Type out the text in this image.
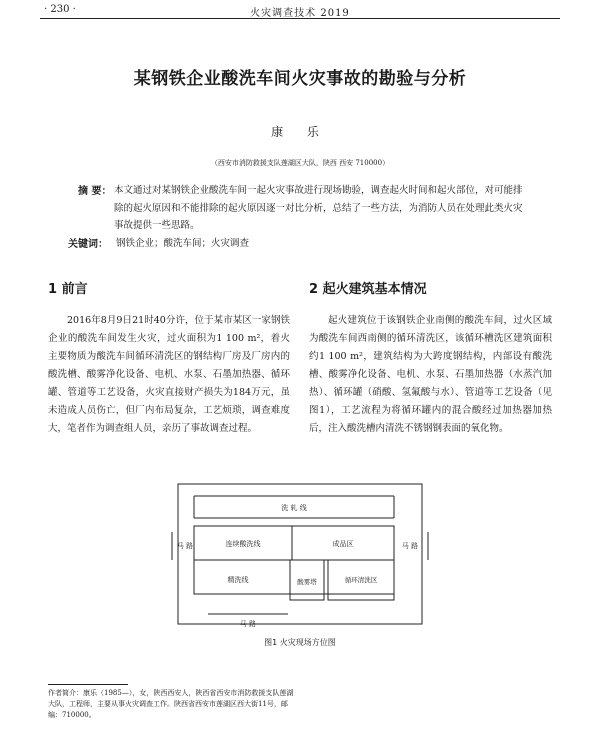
· 230 ·	火灾调查技术 2019
某钢铁企业酸洗车间火灾事故的勘验与分析
康 乐
（西安市消防救援支队莲湖区大队，陕西 西安 710000）
摘 要： 本文通过对某钢铁企业酸洗车间一起火灾事故进行现场勘验，调查起火时间和起火部位，对可能排除的起火原因和不能排除的起火原因逐一对比分析，总结了一些方法，为消防人员在处理此类火灾事故提供一些思路。
关键词： 钢铁企业；酸洗车间；火灾调查
1 前言	2 起火建筑基本情况
2016年8月9日21时40分许，位于某市某区一家钢铁企业的酸洗车间发生火灾，过火面积为1 100 m²，着火主要物质为酸洗车间循环清洗区的钢结构厂房及厂房内的酸洗槽、酸雾净化设备、电机、水泵、石墨加热器、循环罐、管道等工艺设备，火灾直接财产损失为184万元，虽未造成人员伤亡，但厂内布局复杂，工艺烦琐，调查难度大，笔者作为调查组人员，亲历了事故调查过程。
起火建筑位于该钢铁企业南侧的酸洗车间，过火区域为酸洗车间西南侧的循环清洗区，该循环槽洗区建筑面积约1 100 m²，建筑结构为大跨度钢结构，内部设有酸洗槽、酸雾净化设备、电机、水泵、石墨加热器（水蒸汽加热）、循环罐（硝酸、氢氟酸与水）、管道等工艺设备（见图1），工艺流程为将循环罐内的混合酸经过加热器加热后，注入酸洗槽内清洗不锈钢钢表面的氧化物。
洗 轧 线
马 路	马 路
马 路
连续酸洗线	成品区
精洗线	酸雾塔	循环清洗区
图1 火灾现场方位图
作者简介：康乐（1985—），女，陕西西安人，陕西省西安市消防救援支队莲湖大队，工程师，主要从事火灾调查工作。陕西省西安市莲湖区西大街11号，邮编：710000。
